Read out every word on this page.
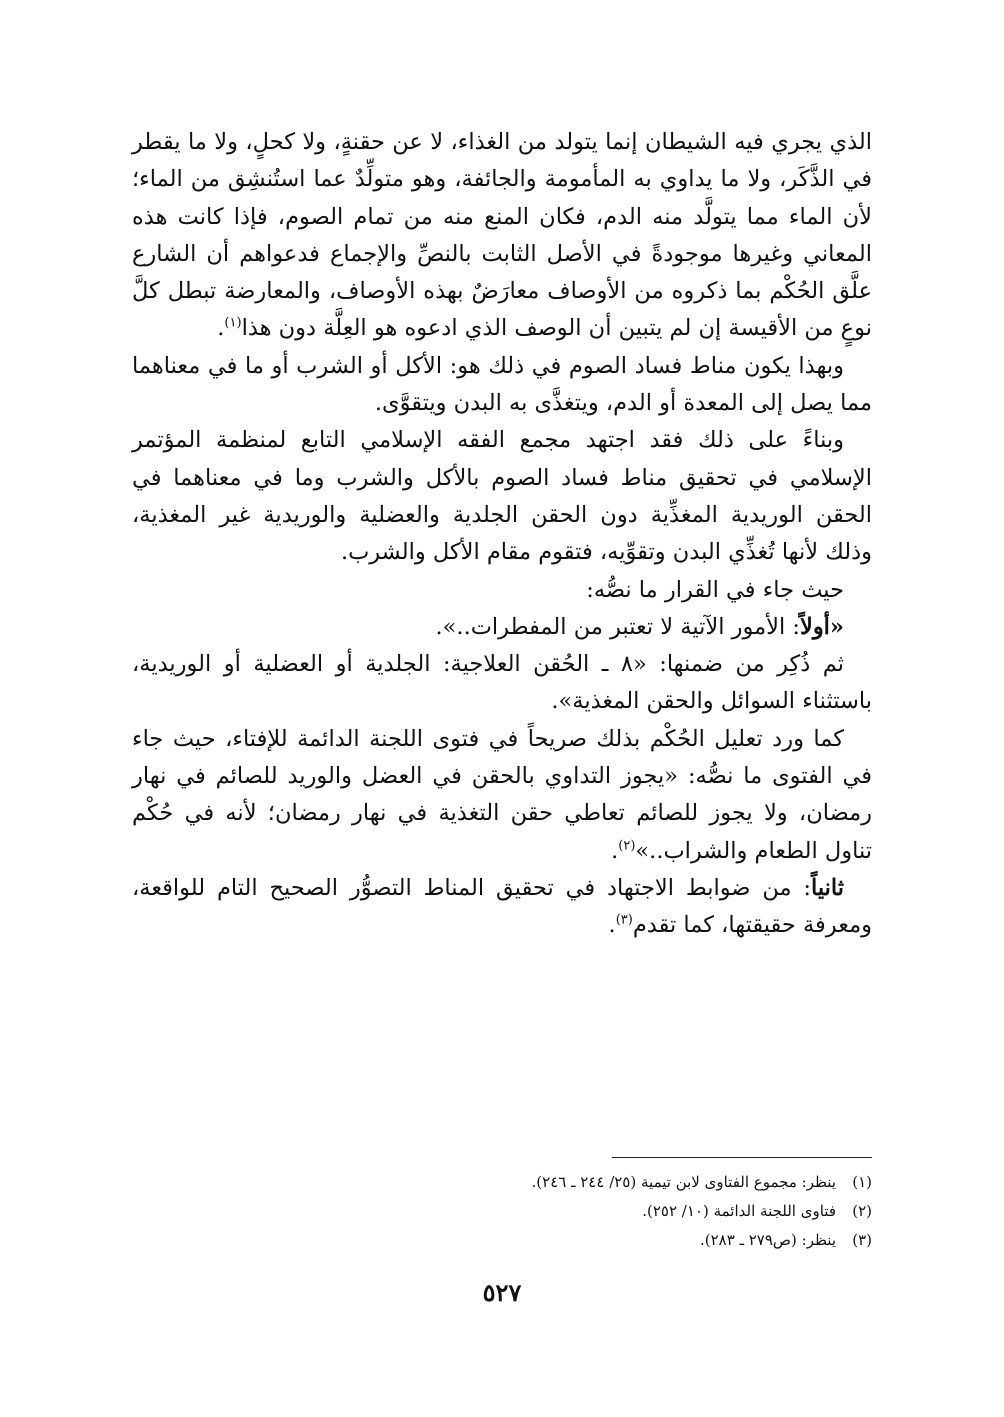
الذي يجري فيه الشيطان إنما يتولد من الغذاء، لا عن حقنةٍ، ولا كحلٍ، ولا ما يقطر في الذَّكَر، ولا ما يداوي به المأمومة والجائفة، وهو متولِّدٌ عما استُنشِق من الماء؛ لأن الماء مما يتولَّد منه الدم، فكان المنع منه من تمام الصوم، فإذا كانت هذه المعاني وغيرها موجودةً في الأصل الثابت بالنصِّ والإجماع فدعواهم أن الشارع علَّق الحُكْم بما ذكروه من الأوصاف معارَضٌ بهذه الأوصاف، والمعارضة تبطل كلَّ نوعٍ من الأقيسة إن لم يتبين أن الوصف الذي ادعوه هو العِلَّة دون هذا$^{(١)}$.

وبهذا يكون مناط فساد الصوم في ذلك هو: الأكل أو الشرب أو ما في معناهما مما يصل إلى المعدة أو الدم، ويتغذَّى به البدن ويتقوَّى.

وبناءً على ذلك فقد اجتهد مجمع الفقه الإسلامي التابع لمنظمة المؤتمر الإسلامي في تحقيق مناط فساد الصوم بالأكل والشرب وما في معناهما في الحقن الوريدية المغذِّية دون الحقن الجلدية والعضلية والوريدية غير المغذية، وذلك لأنها تُغذِّي البدن وتقوِّيه، فتقوم مقام الأكل والشرب.

حيث جاء في القرار ما نصُّه:

«أولاً: الأمور الآتية لا تعتبر من المفطرات..».

ثم ذُكِر من ضمنها: «٨ ـ الحُقن العلاجية: الجلدية أو العضلية أو الوريدية، باستثناء السوائل والحقن المغذية».

كما ورد تعليل الحُكْم بذلك صريحاً في فتوى اللجنة الدائمة للإفتاء، حيث جاء في الفتوى ما نصُّه: «يجوز التداوي بالحقن في العضل والوريد للصائم في نهار رمضان، ولا يجوز للصائم تعاطي حقن التغذية في نهار رمضان؛ لأنه في حُكْم تناول الطعام والشراب..»$^{(٢)}$.

ثانياً: من ضوابط الاجتهاد في تحقيق المناط التصوُّر الصحيح التام للواقعة، ومعرفة حقيقتها، كما تقدم$^{(٣)}$.

(١)ينظر: مجموع الفتاوى لابن تيمية (٢٥/ ٢٤٤ ـ ٢٤٦).

(٢)فتاوى اللجنة الدائمة (١٠/ ٢٥٢).

(٣)ينظر: (ص٢٧٩ ـ ٢٨٣).

٥٢٧
